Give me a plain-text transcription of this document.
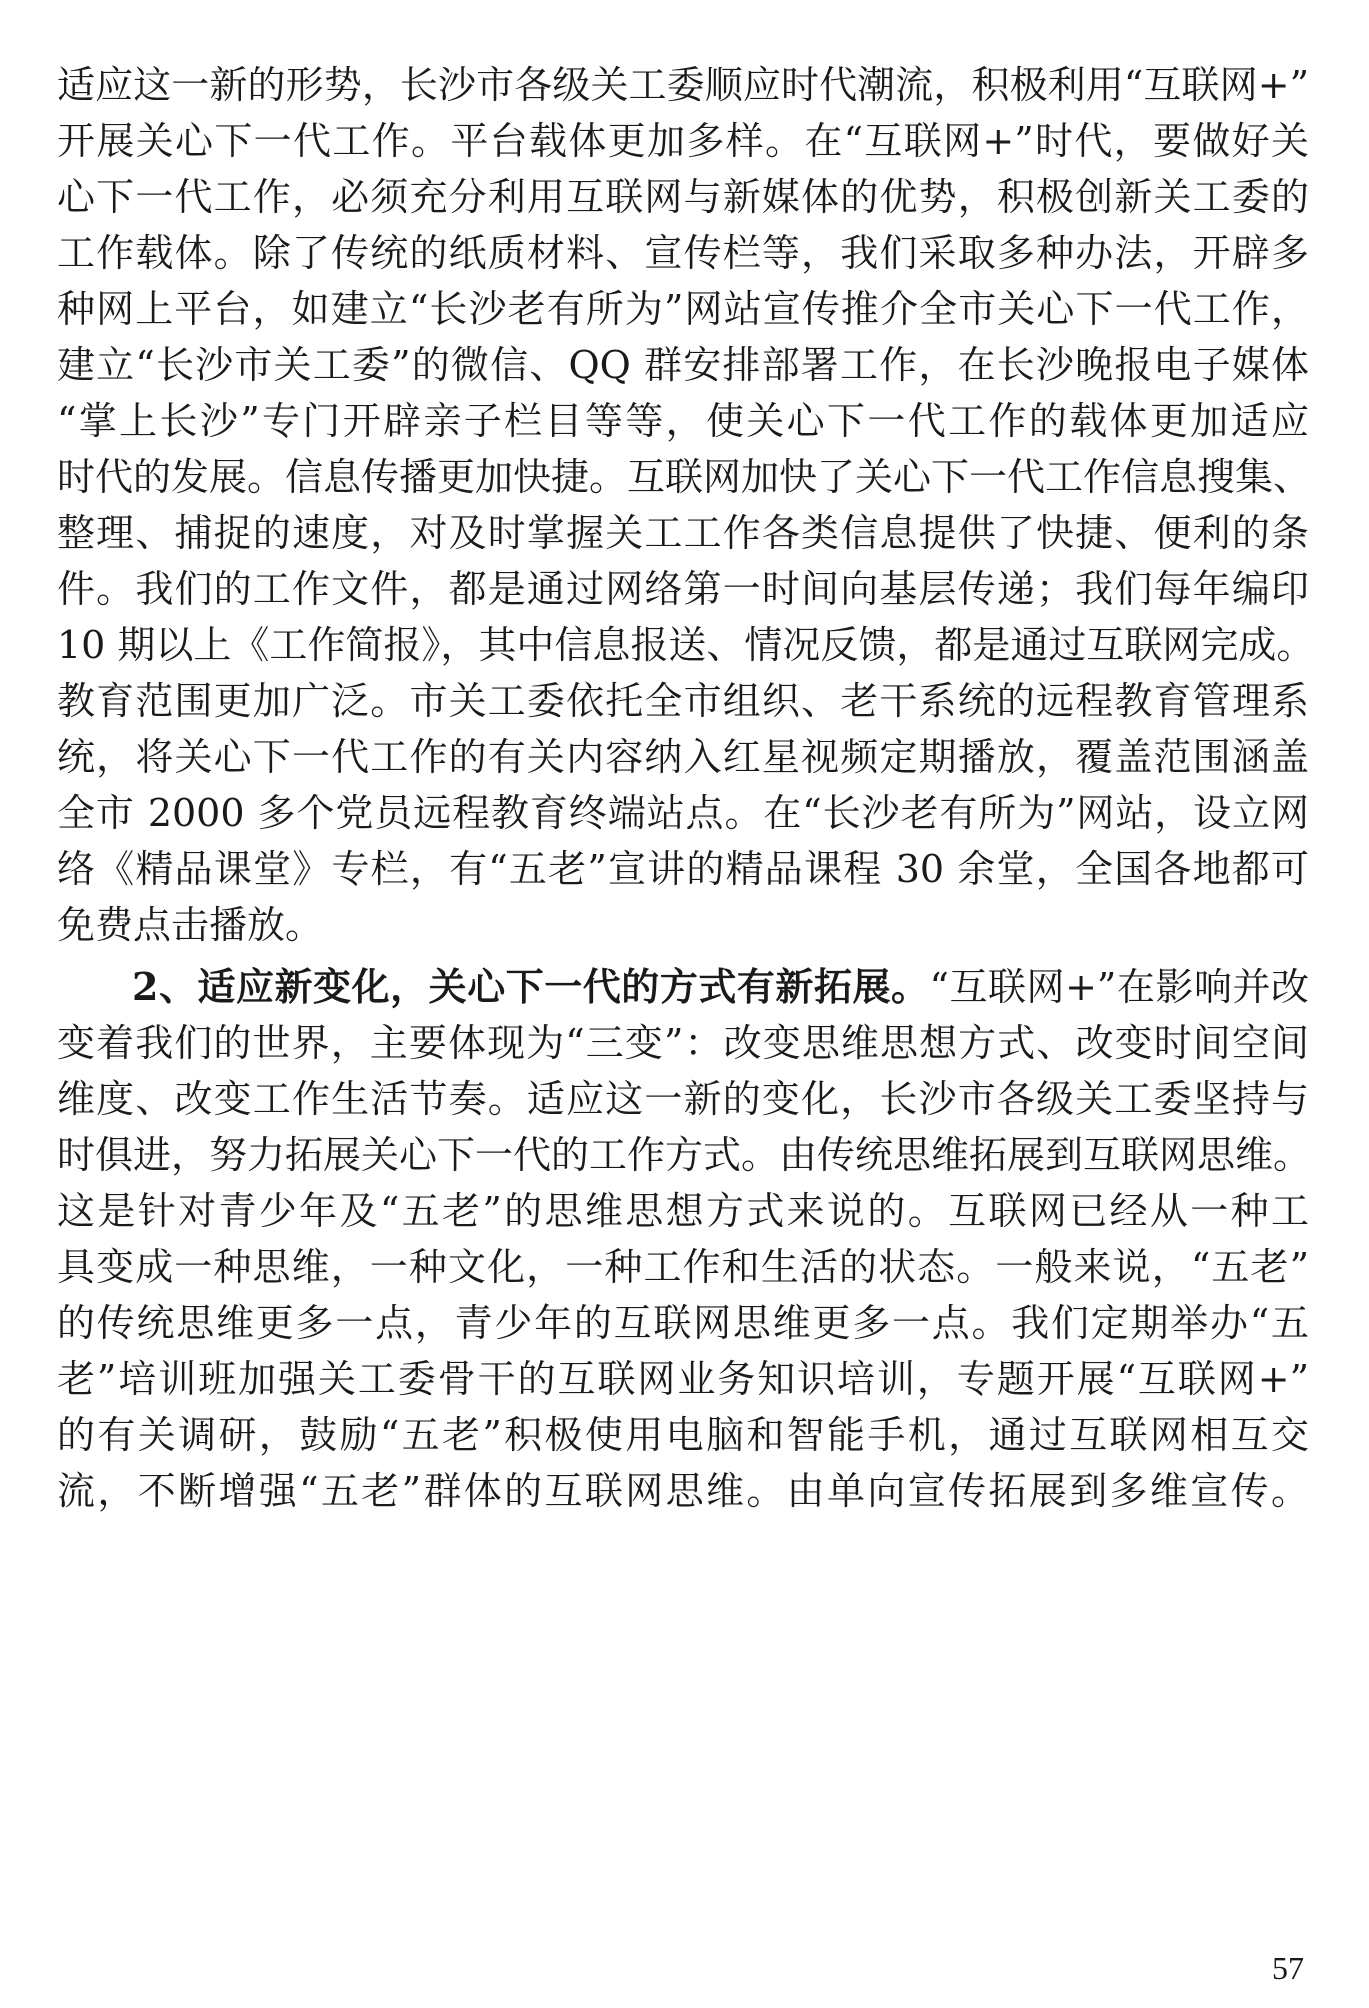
适应这一新的形势，长沙市各级关工委顺应时代潮流，积极利用“互联网+”
开展关心下一代工作。平台载体更加多样。在“互联网+”时代，要做好关
心下一代工作，必须充分利用互联网与新媒体的优势，积极创新关工委的
工作载体。除了传统的纸质材料、宣传栏等，我们采取多种办法，开辟多
种网上平台，如建立“长沙老有所为”网站宣传推介全市关心下一代工作，
建立“长沙市关工委”的微信、QQ 群安排部署工作，在长沙晚报电子媒体
“掌上长沙”专门开辟亲子栏目等等，使关心下一代工作的载体更加适应
时代的发展。信息传播更加快捷。互联网加快了关心下一代工作信息搜集、
整理、捕捉的速度，对及时掌握关工工作各类信息提供了快捷、便利的条
件。我们的工作文件，都是通过网络第一时间向基层传递；我们每年编印
10 期以上《工作简报》，其中信息报送、情况反馈，都是通过互联网完成。
教育范围更加广泛。市关工委依托全市组织、老干系统的远程教育管理系
统，将关心下一代工作的有关内容纳入红星视频定期播放，覆盖范围涵盖
全市 2000 多个党员远程教育终端站点。在“长沙老有所为”网站，设立网
络《精品课堂》专栏，有“五老”宣讲的精品课程 30 余堂，全国各地都可
免费点击播放。
2、适应新变化，关心下一代的方式有新拓展。“互联网+”在影响并改
变着我们的世界，主要体现为“三变”：改变思维思想方式、改变时间空间
维度、改变工作生活节奏。适应这一新的变化，长沙市各级关工委坚持与
时俱进，努力拓展关心下一代的工作方式。由传统思维拓展到互联网思维。
这是针对青少年及“五老”的思维思想方式来说的。互联网已经从一种工
具变成一种思维，一种文化，一种工作和生活的状态。一般来说，“五老”
的传统思维更多一点，青少年的互联网思维更多一点。我们定期举办“五
老”培训班加强关工委骨干的互联网业务知识培训，专题开展“互联网+”
的有关调研，鼓励“五老”积极使用电脑和智能手机，通过互联网相互交
流，不断增强“五老”群体的互联网思维。由单向宣传拓展到多维宣传。
57
